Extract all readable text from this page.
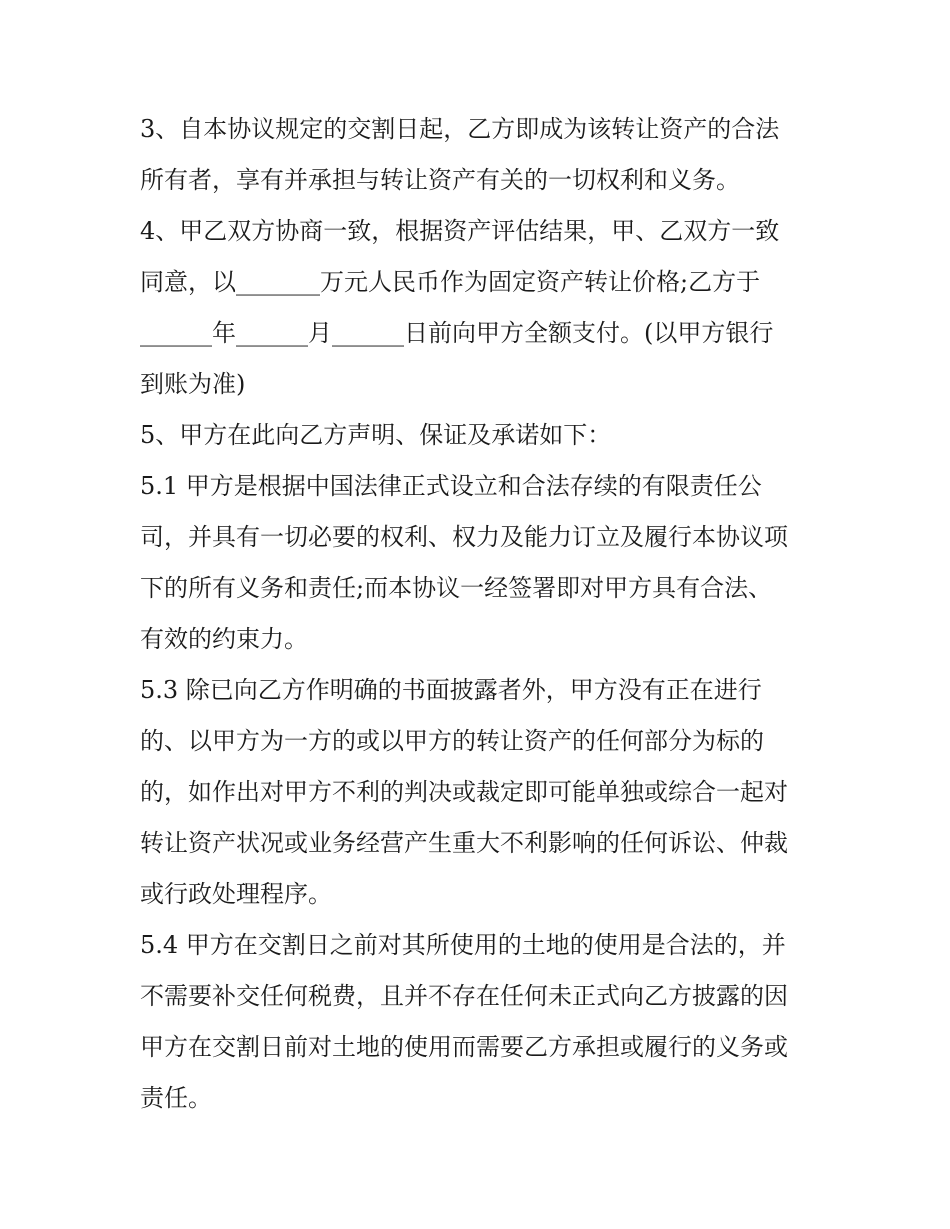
3、自本协议规定的交割日起，乙方即成为该转让资产的合法

所有者，享有并承担与转让资产有关的一切权利和义务。

4、甲乙双方协商一致，根据资产评估结果，甲、乙双方一致

同意，以_______万元人民币作为固定资产转让价格;乙方于

______年______月______日前向甲方全额支付。(以甲方银行

到账为准)

5、甲方在此向乙方声明、保证及承诺如下：

5.1 甲方是根据中国法律正式设立和合法存续的有限责任公

司，并具有一切必要的权利、权力及能力订立及履行本协议项

下的所有义务和责任;而本协议一经签署即对甲方具有合法、

有效的约束力。

5.3 除已向乙方作明确的书面披露者外，甲方没有正在进行

的、以甲方为一方的或以甲方的转让资产的任何部分为标的

的，如作出对甲方不利的判决或裁定即可能单独或综合一起对

转让资产状况或业务经营产生重大不利影响的任何诉讼、仲裁

或行政处理程序。

5.4 甲方在交割日之前对其所使用的土地的使用是合法的，并

不需要补交任何税费，且并不存在任何未正式向乙方披露的因

甲方在交割日前对土地的使用而需要乙方承担或履行的义务或

责任。
